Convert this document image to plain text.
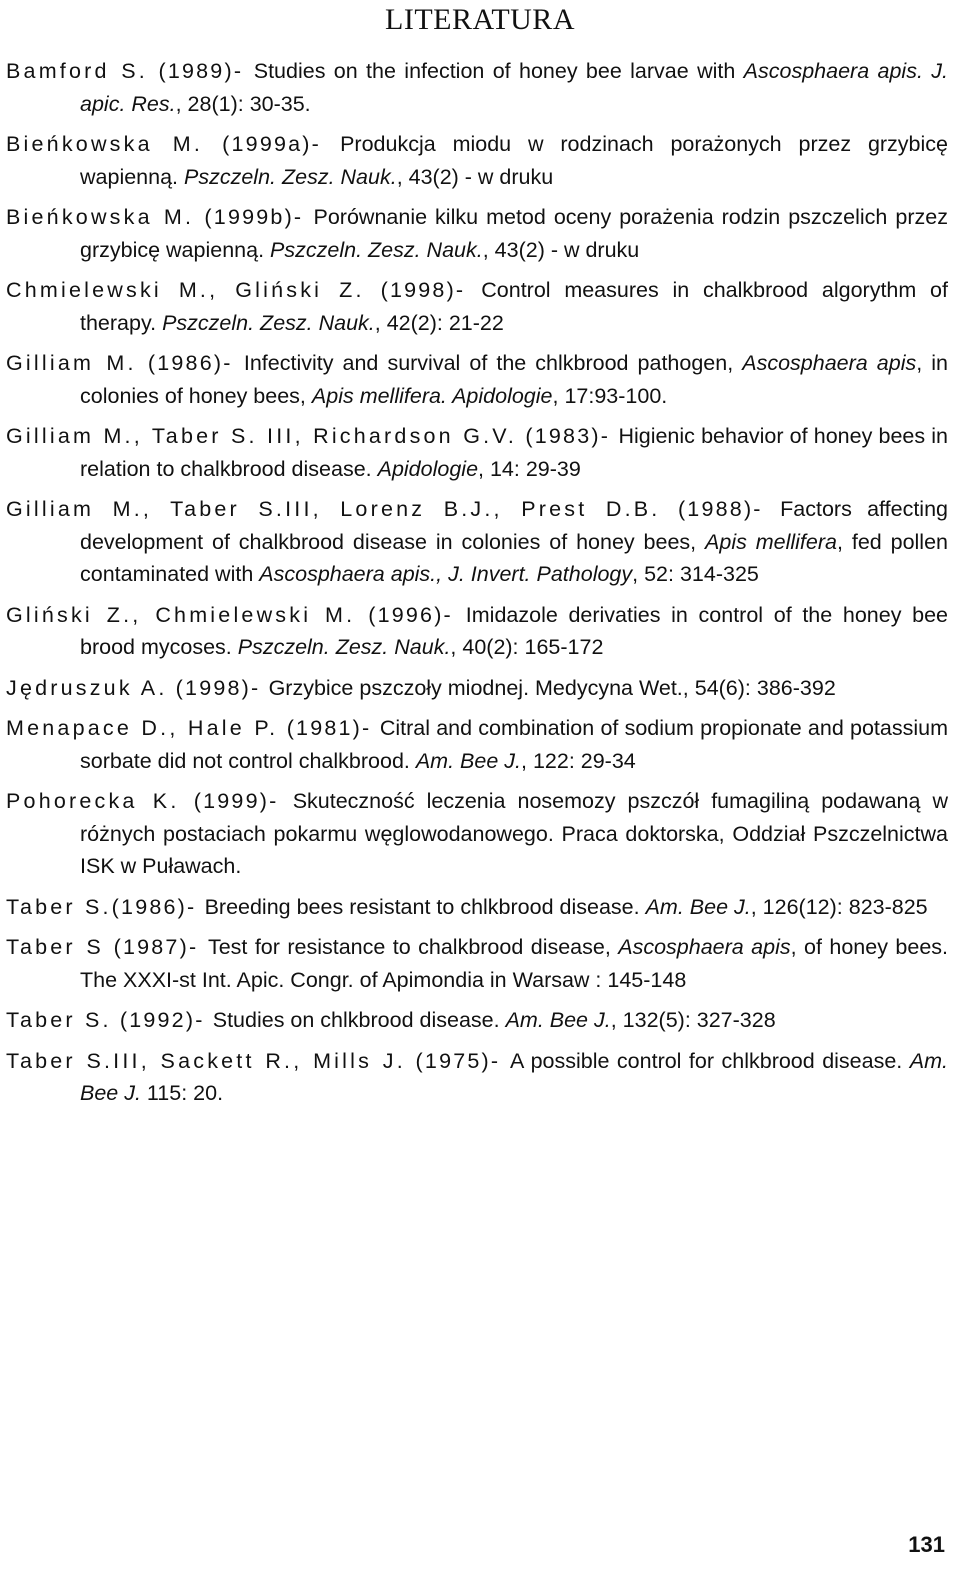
LITERATURA
Bamford S. (1989)- Studies on the infection of honey bee larvae with Ascosphaera apis. J. apic. Res., 28(1): 30-35.
Bieńkowska M. (1999a)- Produkcja miodu w rodzinach porażonych przez grzybicę wapienną. Pszczeln. Zesz. Nauk., 43(2) - w druku
Bieńkowska M. (1999b)- Porównanie kilku metod oceny porażenia rodzin pszczelich przez grzybicę wapienną. Pszczeln. Zesz. Nauk., 43(2) - w druku
Chmielewski M., Gliński Z. (1998)- Control measures in chalkbrood algorythm of therapy. Pszczeln. Zesz. Nauk., 42(2): 21-22
Gilliam M. (1986)- Infectivity and survival of the chlkbrood pathogen, Ascosphaera apis, in colonies of honey bees, Apis mellifera. Apidologie, 17:93-100.
Gilliam M., Taber S. III, Richardson G.V. (1983)- Higienic behavior of honey bees in relation to chalkbrood disease. Apidologie, 14: 29-39
Gilliam M., Taber S.III, Lorenz B.J., Prest D.B. (1988)- Factors affecting development of chalkbrood disease in colonies of honey bees, Apis mellifera, fed pollen contaminated with Ascosphaera apis., J. Invert. Pathology, 52: 314-325
Gliński Z., Chmielewski M. (1996)- Imidazole derivaties in control of the honey bee brood mycoses. Pszczeln. Zesz. Nauk., 40(2): 165-172
Jędruszuk A. (1998)- Grzybice pszczoły miodnej. Medycyna Wet., 54(6): 386-392
Menapace D., Hale P. (1981)- Citral and combination of sodium propionate and potassium sorbate did not control chalkbrood. Am. Bee J., 122: 29-34
Pohorecka K. (1999)- Skuteczność leczenia nosemozy pszczół fumagiliną podawaną w różnych postaciach pokarmu węglowodanowego. Praca doktorska, Oddział Pszczelnictwa ISK w Puławach.
Taber S.(1986)- Breeding bees resistant to chlkbrood disease. Am. Bee J., 126(12): 823-825
Taber S (1987)- Test for resistance to chalkbrood disease, Ascosphaera apis, of honey bees. The XXXI-st Int. Apic. Congr. of Apimondia in Warsaw : 145-148
Taber S. (1992)- Studies on chlkbrood disease. Am. Bee J., 132(5): 327-328
Taber S.III, Sackett R., Mills J. (1975)- A possible control for chlkbrood disease. Am. Bee J. 115: 20.
131
